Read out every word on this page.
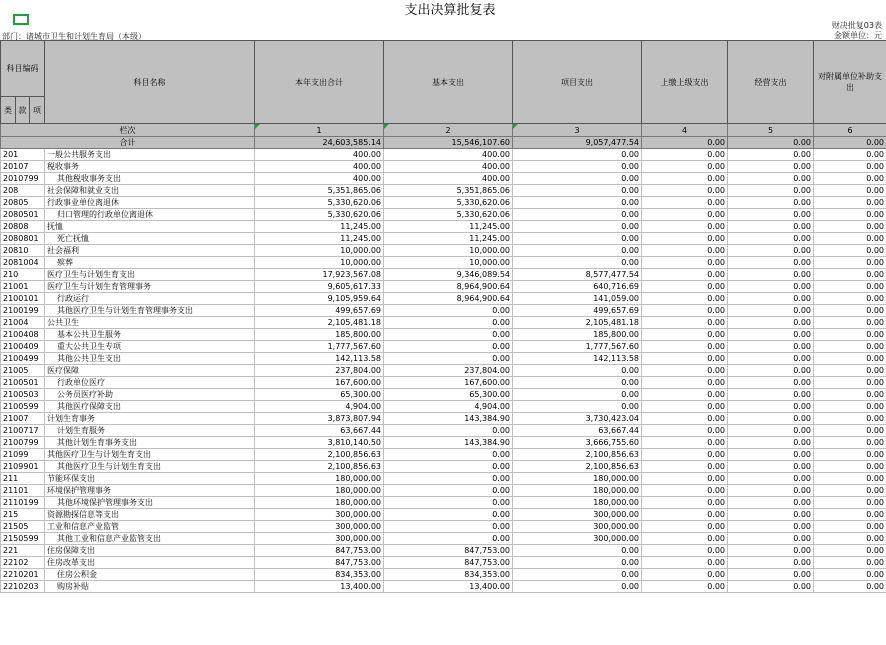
支出决算批复表
财决批复03表
金额单位：元
部门：诸城市卫生和计划生育局（本级）
科目编码			科目名称	本年支出合计	基本支出	项目支出	上缴上级支出	经营支出	对附属单位补助支出
类	款	项							
栏次				1	2	3	4	5	6
合计				24,603,585.14	15,546,107.60	9,057,477.54	0.00	0.00	0.00
201			一般公共服务支出	400.00	400.00	0.00	0.00	0.00	0.00
20107			税收事务	400.00	400.00	0.00	0.00	0.00	0.00
2010799			其他税收事务支出	400.00	400.00	0.00	0.00	0.00	0.00
208			社会保障和就业支出	5,351,865.06	5,351,865.06	0.00	0.00	0.00	0.00
20805			行政事业单位离退休	5,330,620.06	5,330,620.06	0.00	0.00	0.00	0.00
2080501			归口管理的行政单位离退休	5,330,620.06	5,330,620.06	0.00	0.00	0.00	0.00
20808			抚恤	11,245.00	11,245.00	0.00	0.00	0.00	0.00
2080801			死亡抚恤	11,245.00	11,245.00	0.00	0.00	0.00	0.00
20810			社会福利	10,000.00	10,000.00	0.00	0.00	0.00	0.00
2081004			殡葬	10,000.00	10,000.00	0.00	0.00	0.00	0.00
210			医疗卫生与计划生育支出	17,923,567.08	9,346,089.54	8,577,477.54	0.00	0.00	0.00
21001			医疗卫生与计划生育管理事务	9,605,617.33	8,964,900.64	640,716.69	0.00	0.00	0.00
2100101			行政运行	9,105,959.64	8,964,900.64	141,059.00	0.00	0.00	0.00
2100199			其他医疗卫生与计划生育管理事务支出	499,657.69	0.00	499,657.69	0.00	0.00	0.00
21004			公共卫生	2,105,481.18	0.00	2,105,481.18	0.00	0.00	0.00
2100408			基本公共卫生服务	185,800.00	0.00	185,800.00	0.00	0.00	0.00
2100409			重大公共卫生专项	1,777,567.60	0.00	1,777,567.60	0.00	0.00	0.00
2100499			其他公共卫生支出	142,113.58	0.00	142,113.58	0.00	0.00	0.00
21005			医疗保障	237,804.00	237,804.00	0.00	0.00	0.00	0.00
2100501			行政单位医疗	167,600.00	167,600.00	0.00	0.00	0.00	0.00
2100503			公务员医疗补助	65,300.00	65,300.00	0.00	0.00	0.00	0.00
2100599			其他医疗保障支出	4,904.00	4,904.00	0.00	0.00	0.00	0.00
21007			计划生育事务	3,873,807.94	143,384.90	3,730,423.04	0.00	0.00	0.00
2100717			计划生育服务	63,667.44	0.00	63,667.44	0.00	0.00	0.00
2100799			其他计划生育事务支出	3,810,140.50	143,384.90	3,666,755.60	0.00	0.00	0.00
21099			其他医疗卫生与计划生育支出	2,100,856.63	0.00	2,100,856.63	0.00	0.00	0.00
2109901			其他医疗卫生与计划生育支出	2,100,856.63	0.00	2,100,856.63	0.00	0.00	0.00
211			节能环保支出	180,000.00	0.00	180,000.00	0.00	0.00	0.00
21101			环境保护管理事务	180,000.00	0.00	180,000.00	0.00	0.00	0.00
2110199			其他环境保护管理事务支出	180,000.00	0.00	180,000.00	0.00	0.00	0.00
215			资源勘探信息等支出	300,000.00	0.00	300,000.00	0.00	0.00	0.00
21505			工业和信息产业监管	300,000.00	0.00	300,000.00	0.00	0.00	0.00
2150599			其他工业和信息产业监管支出	300,000.00	0.00	300,000.00	0.00	0.00	0.00
221			住房保障支出	847,753.00	847,753.00	0.00	0.00	0.00	0.00
22102			住房改革支出	847,753.00	847,753.00	0.00	0.00	0.00	0.00
2210201			住房公积金	834,353.00	834,353.00	0.00	0.00	0.00	0.00
2210203			购房补贴	13,400.00	13,400.00	0.00	0.00	0.00	0.00
